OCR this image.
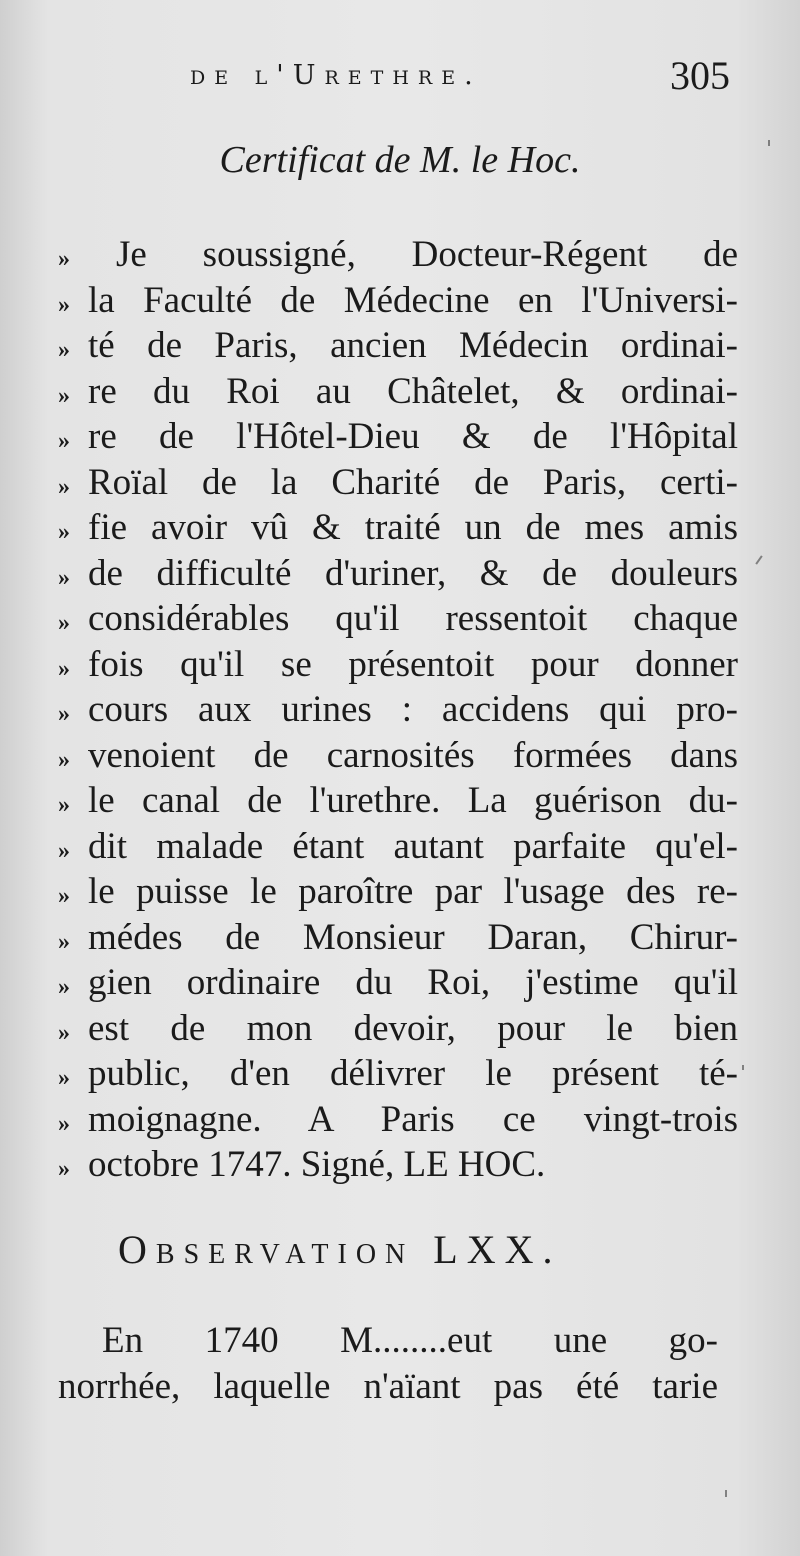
de l'Urethre.	305
Certificat de M. le Hoc.
»	Je soussigné, Docteur-Régent de
» la Faculté de Médecine en l'Universi-
» té de Paris, ancien Médecin ordinai-
» re du Roi au Châtelet, & ordinai-
» re de l'Hôtel-Dieu & de l'Hôpital
» Roïal de la Charité de Paris, certi-
» fie avoir vû & traité un de mes amis
» de difficulté d'uriner, & de douleurs
» considérables qu'il ressentoit chaque
» fois qu'il se présentoit pour donner
» cours aux urines : accidens qui pro-
» venoient de carnosités formées dans
» le canal de l'urethre. La guérison du-
» dit malade étant autant parfaite qu'el-
» le puisse le paroître par l'usage des re-
» médes de Monsieur Daran, Chirur-
» gien ordinaire du Roi, j'estime qu'il
» est de mon devoir, pour le bien
» public, d'en délivrer le présent té-
» moignagne. A Paris ce vingt-trois
» octobre 1747. Signé, LE HOC.
Observation LXX.
En 1740 M........eut une go-
norrhée, laquelle n'aïant pas été tarie
